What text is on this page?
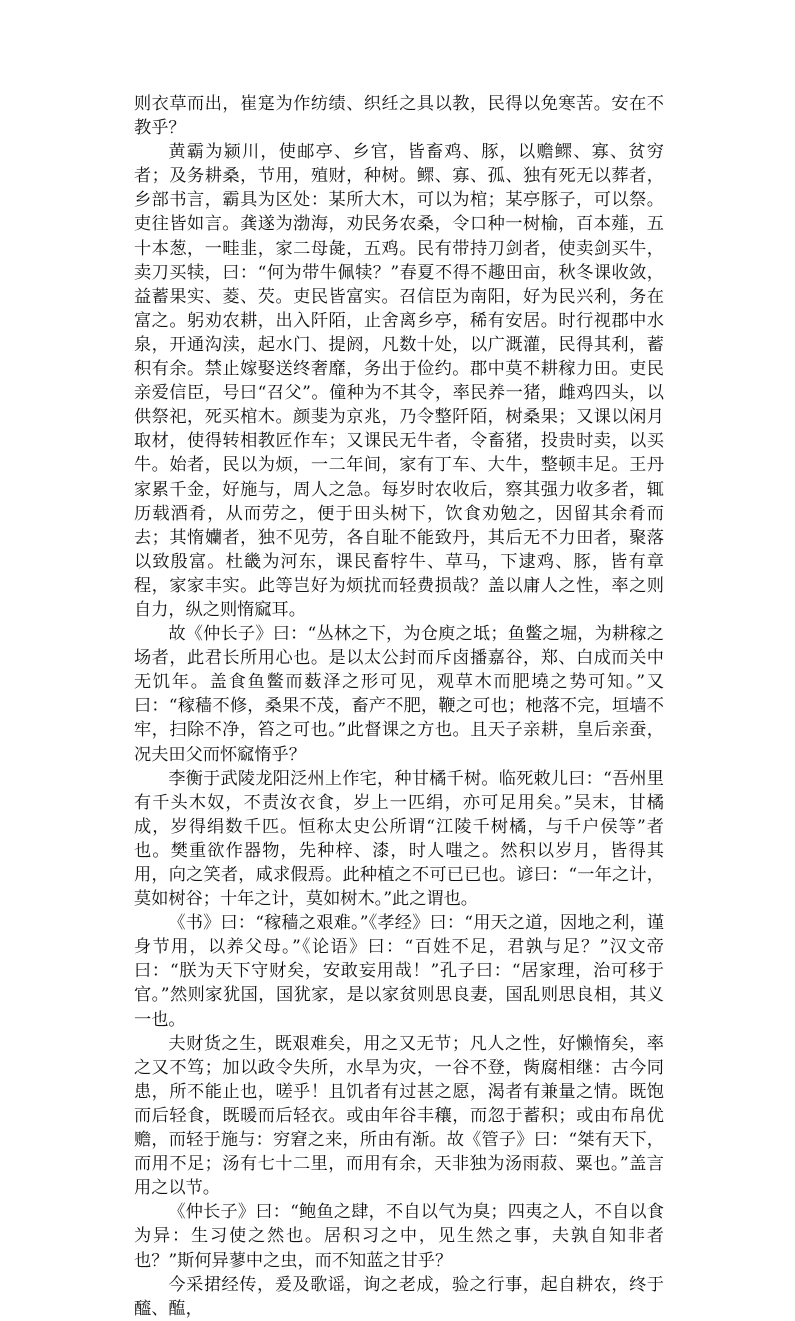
则衣草而出，崔寔为作纺绩、织纴之具以教，民得以免寒苦。安在不教乎？

黄霸为颍川，使邮亭、乡官，皆畜鸡、豚，以赡鳏、寡、贫穷者；及务耕桑，节用，殖财，种树。鳏、寡、孤、独有死无以葬者，乡部书言，霸具为区处：某所大木，可以为棺；某亭豚子，可以祭。吏往皆如言。龚遂为渤海，劝民务农桑，令口种一树榆，百本薤，五十本葱，一畦韭，家二母彘，五鸡。民有带持刀剑者，使卖剑买牛，卖刀买犊，曰：“何为带牛佩犊？”春夏不得不趣田亩，秋冬课收敛，益蓄果实、菱、芡。吏民皆富实。召信臣为南阳，好为民兴利，务在富之。躬劝农耕，出入阡陌，止舍离乡亭，稀有安居。时行视郡中水泉，开通沟渎，起水门、提阏，凡数十处，以广溉灌，民得其利，蓄积有余。禁止嫁娶送终奢靡，务出于俭约。郡中莫不耕稼力田。吏民亲爱信臣，号曰“召父”。僮种为不其令，率民养一猪，雌鸡四头，以供祭祀，死买棺木。颜斐为京兆，乃令整阡陌，树桑果；又课以闲月取材，使得转相教匠作车；又课民无牛者，令畜猪，投贵时卖，以买牛。始者，民以为烦，一二年间，家有丁车、大牛，整顿丰足。王丹家累千金，好施与，周人之急。每岁时农收后，察其强力收多者，辄历载酒肴，从而劳之，便于田头树下，饮食劝勉之，因留其余肴而去；其惰孏者，独不见劳，各自耻不能致丹，其后无不力田者，聚落以致殷富。杜畿为河东，课民畜牸牛、草马，下逮鸡、豚，皆有章程，家家丰实。此等岂好为烦扰而轻费损哉？盖以庸人之性，率之则自力，纵之则惰窳耳。

故《仲长子》曰：“丛林之下，为仓庾之坻；鱼鳖之堀，为耕稼之场者，此君长所用心也。是以太公封而斥卤播嘉谷，郑、白成而关中无饥年。盖食鱼鳖而薮泽之形可见，观草木而肥墝之势可知。”又曰：“稼穑不修，桑果不茂，畜产不肥，鞭之可也；杝落不完，垣墙不牢，扫除不净，笞之可也。”此督课之方也。且天子亲耕，皇后亲蚕，况夫田父而怀窳惰乎？

李衡于武陵龙阳泛州上作宅，种甘橘千树。临死敕儿曰：“吾州里有千头木奴，不责汝衣食，岁上一匹绢，亦可足用矣。”吴末，甘橘成，岁得绢数千匹。恒称太史公所谓“江陵千树橘，与千户侯等”者也。樊重欲作器物，先种梓、漆，时人嗤之。然积以岁月，皆得其用，向之笑者，咸求假焉。此种植之不可已已也。谚曰：“一年之计，莫如树谷；十年之计，莫如树木。”此之谓也。

《书》曰：“稼穑之艰难。”《孝经》曰：“用天之道，因地之利，谨身节用，以养父母。”《论语》曰：“百姓不足，君孰与足？”汉文帝曰：“朕为天下守财矣，安敢妄用哉！”孔子曰：“居家理，治可移于官。”然则家犹国，国犹家，是以家贫则思良妻，国乱则思良相，其义一也。

夫财货之生，既艰难矣，用之又无节；凡人之性，好懒惰矣，率之又不笃；加以政令失所，水旱为灾，一谷不登，胔腐相继：古今同患，所不能止也，嗟乎！且饥者有过甚之愿，渴者有兼量之情。既饱而后轻食，既暖而后轻衣。或由年谷丰穰，而忽于蓄积；或由布帛优赡，而轻于施与：穷窘之来，所由有渐。故《管子》曰：“桀有天下，而用不足；汤有七十二里，而用有余，天非独为汤雨菽、粟也。”盖言用之以节。

《仲长子》曰：“鲍鱼之肆，不自以气为臭；四夷之人，不自以食为异：生习使之然也。居积习之中，见生然之事，夫孰自知非者也？”斯何异蓼中之虫，而不知蓝之甘乎？

今采捃经传，爰及歌谣，询之老成，验之行事，起自耕农，终于醯、醢，
